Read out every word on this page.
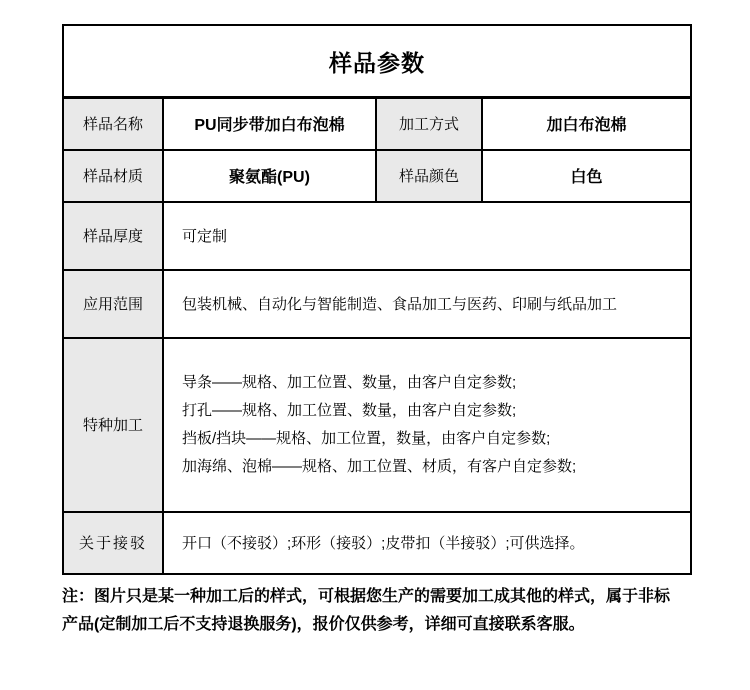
样品参数			
样品名称	PU同步带加白布泡棉	加工方式	加白布泡棉
样品材质	聚氨酯(PU)	样品颜色	白色
样品厚度	可定制		
应用范围	包装机械、自动化与智能制造、食品加工与医药、印刷与纸品加工		
特种加工	导条——规格、加工位置、数量，由客户自定参数;
打孔——规格、加工位置、数量，由客户自定参数;
挡板/挡块——规格、加工位置，数量，由客户自定参数;
加海绵、泡棉——规格、加工位置、材质，有客户自定参数;		

关于接驳	开口（不接驳）;环形（接驳）;皮带扣（半接驳）;可供选择。		
注：图片只是某一种加工后的样式，可根据您生产的需要加工成其他的样式，属于非标
产品(定制加工后不支持退换服务)，报价仅供参考，详细可直接联系客服。
